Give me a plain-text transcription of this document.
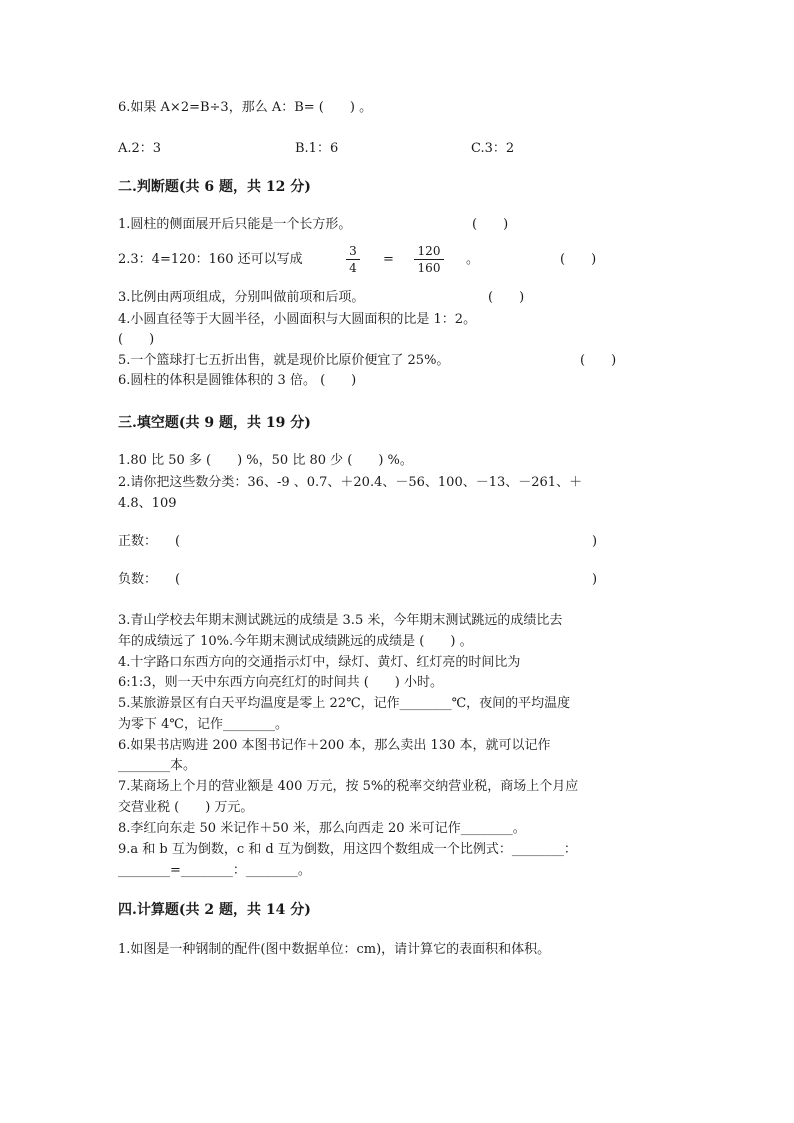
6.如果 A×2=B÷3，那么 A：B= (　　) 。
A.2：3	B.1：6	C.3：2
二.判断题(共 6 题，共 12 分)
1.圆柱的侧面展开后只能是一个长方形。	(　　)
2.3：4=120：160 还可以写成
3
4
=
120
160
。	(　　)
3.比例由两项组成，分别叫做前项和后项。	(　　)
4.小圆直径等于大圆半径，小圆面积与大圆面积的比是 1：2。
(　　)
5.一个篮球打七五折出售，就是现价比原价便宜了 25%。	(　　)
6.圆柱的体积是圆锥体积的 3 倍。 (　　)
三.填空题(共 9 题，共 19 分)
1.80 比 50 多 (　　) %，50 比 80 少 (　　) %。
2.请你把这些数分类：36、-9 、0.7、＋20.4、－56、100、－13、－261、＋
4.8、109
正数： (	)
负数： (	)
3.青山学校去年期末测试跳远的成绩是 3.5 米，今年期末测试跳远的成绩比去
年的成绩远了 10%.今年期末测试成绩跳远的成绩是 (　　) 。
4.十字路口东西方向的交通指示灯中，绿灯、黄灯、红灯亮的时间比为
6:1:3，则一天中东西方向亮红灯的时间共 (　　) 小时。
5.某旅游景区有白天平均温度是零上 22℃，记作________℃，夜间的平均温度
为零下 4℃，记作________。
6.如果书店购进 200 本图书记作＋200 本，那么卖出 130 本，就可以记作
________本。
7.某商场上个月的营业额是 400 万元，按 5%的税率交纳营业税，商场上个月应
交营业税 (　　) 万元。
8.李红向东走 50 米记作＋50 米，那么向西走 20 米可记作________。
9.a 和 b 互为倒数，c 和 d 互为倒数，用这四个数组成一个比例式：________：
________=________：________。
四.计算题(共 2 题，共 14 分)
1.如图是一种钢制的配件(图中数据单位：cm)，请计算它的表面积和体积。
